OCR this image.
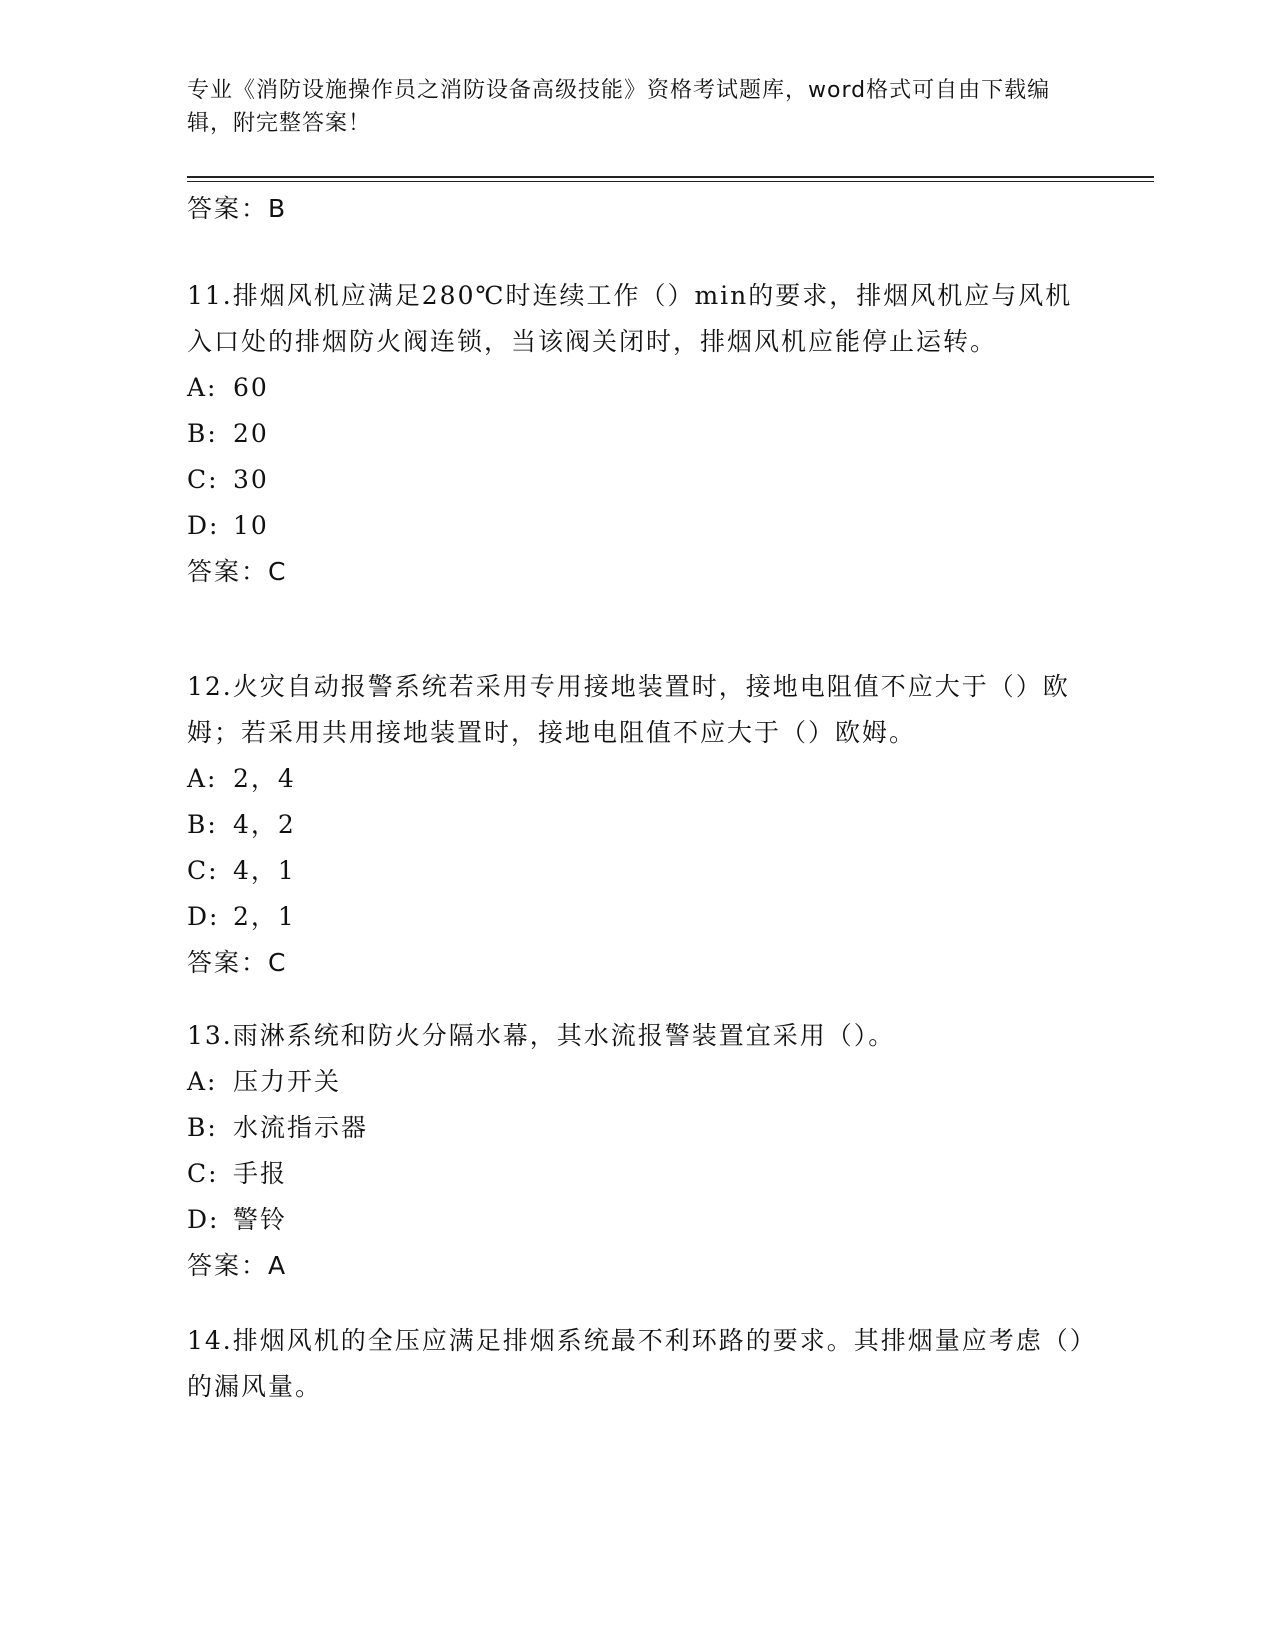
专业《消防设施操作员之消防设备高级技能》资格考试题库，word格式可自由下载编辑，附完整答案！

答案：B

11.排烟风机应满足280℃时连续工作（）min的要求，排烟风机应与风机入口处的排烟防火阀连锁，当该阀关闭时，排烟风机应能停止运转。

A: 60

B: 20

C: 30

D: 10

答案：C

12.火灾自动报警系统若采用专用接地装置时，接地电阻值不应大于（）欧姆；若采用共用接地装置时，接地电阻值不应大于（）欧姆。

A: 2，4

B: 4，2

C: 4，1

D: 2，1

答案：C

13.雨淋系统和防火分隔水幕，其水流报警装置宜采用（）。

A: 压力开关

B: 水流指示器

C: 手报

D: 警铃

答案：A

14.排烟风机的全压应满足排烟系统最不利环路的要求。其排烟量应考虑（）的漏风量。
